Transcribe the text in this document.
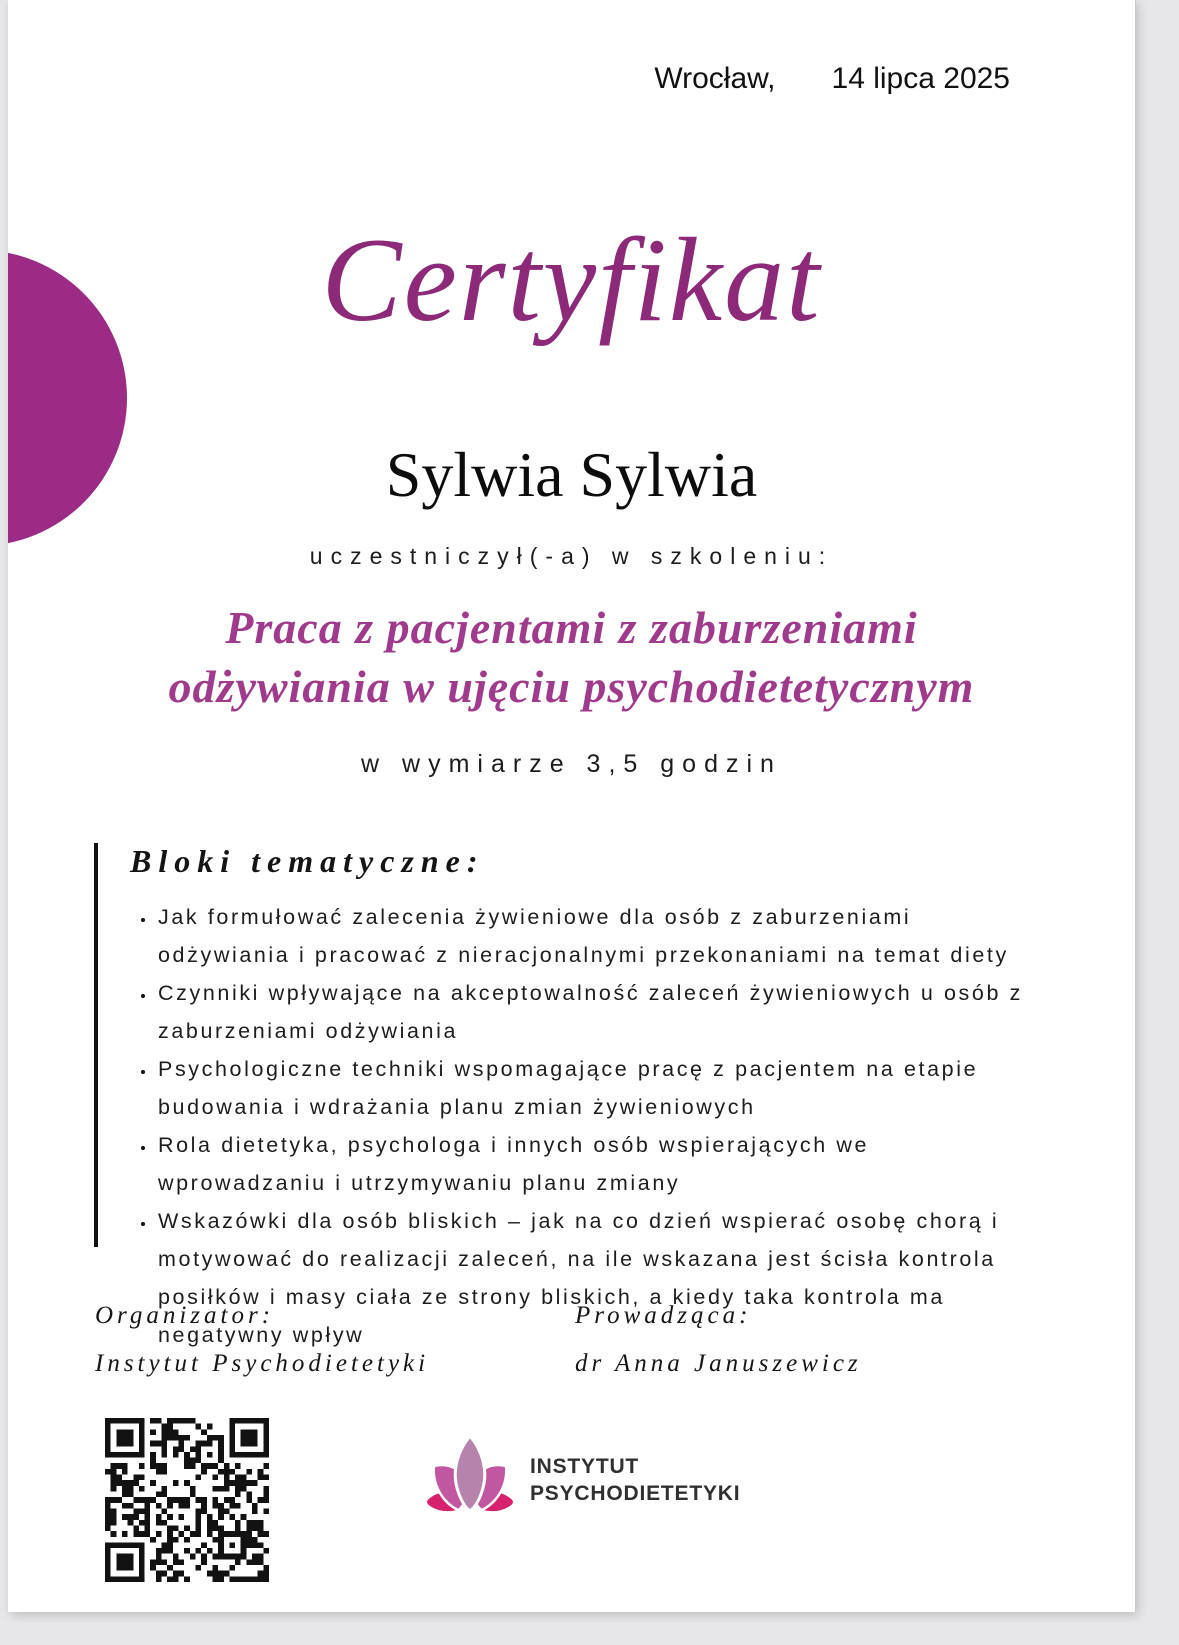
Wrocław, 14 lipca 2025
Certyfikat
Sylwia Sylwia
uczestniczył(-a) w szkoleniu:
Praca z pacjentami z zaburzeniami
odżywiania w ujęciu psychodietetycznym
w wymiarze 3,5 godzin
Bloki tematyczne:
• Jak formułować zalecenia żywieniowe dla osób z zaburzeniami odżywiania i pracować z nieracjonalnymi przekonaniami na temat diety
• Czynniki wpływające na akceptowalność zaleceń żywieniowych u osób z zaburzeniami odżywiania
• Psychologiczne techniki wspomagające pracę z pacjentem na etapie budowania i wdrażania planu zmian żywieniowych
• Rola dietetyka, psychologa i innych osób wspierających we wprowadzaniu i utrzymywaniu planu zmiany
• Wskazówki dla osób bliskich – jak na co dzień wspierać osobę chorą i motywować do realizacji zaleceń, na ile wskazana jest ścisła kontrola posiłków i masy ciała ze strony bliskich, a kiedy taka kontrola ma negatywny wpływ
Organizator:
Instytut Psychodietetyki
Prowadząca:
dr Anna Januszewicz
INSTYTUT
PSYCHODIETETYKI
